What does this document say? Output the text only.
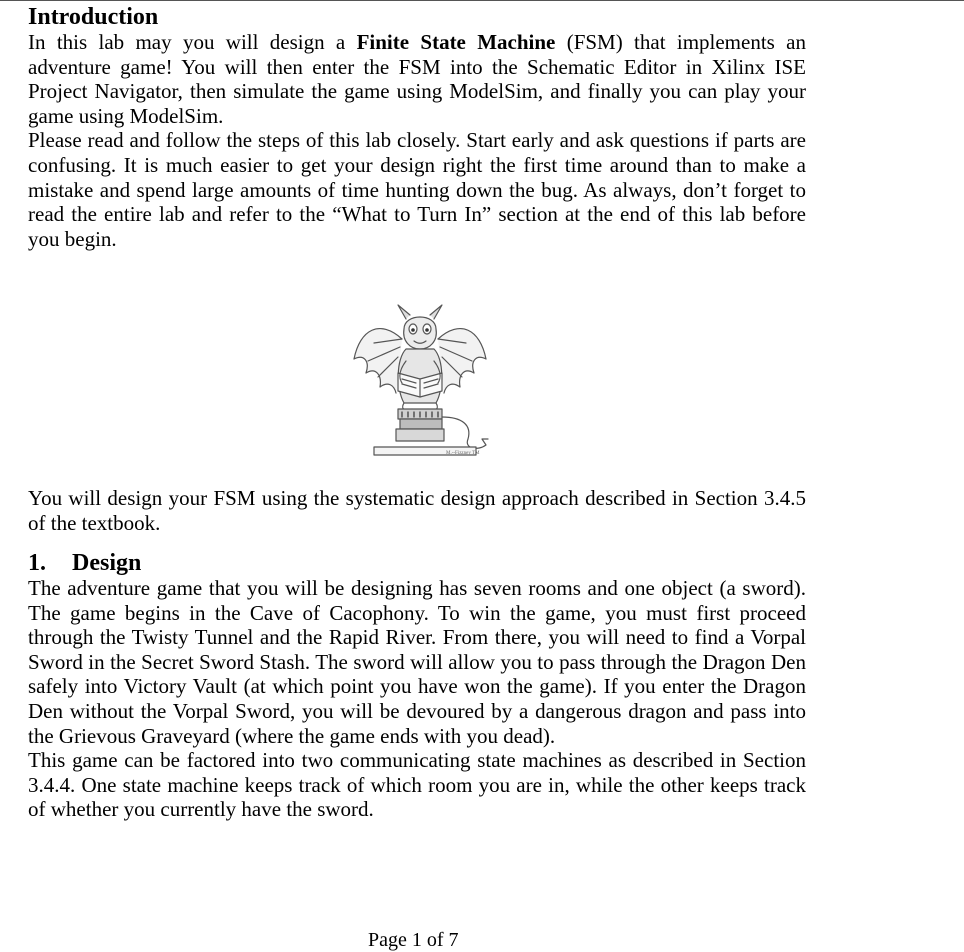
Introduction

In this lab may you will design a Finite State Machine (FSM) that implements an adventure game! You will then enter the FSM into the Schematic Editor in Xilinx ISE Project Navigator, then simulate the game using ModelSim, and finally you can play your game using ModelSim.

Please read and follow the steps of this lab closely. Start early and ask questions if parts are confusing. It is much easier to get your design right the first time around than to make a mistake and spend large amounts of time hunting down the bug. As always, don’t forget to read the entire lab and refer to the “What to Turn In” section at the end of this lab before you begin.

M.--Fizzney TM

You will design your FSM using the systematic design approach described in Section 3.4.5 of the textbook.

1. Design

The adventure game that you will be designing has seven rooms and one object (a sword). The game begins in the Cave of Cacophony. To win the game, you must first proceed through the Twisty Tunnel and the Rapid River. From there, you will need to find a Vorpal Sword in the Secret Sword Stash. The sword will allow you to pass through the Dragon Den safely into Victory Vault (at which point you have won the game). If you enter the Dragon Den without the Vorpal Sword, you will be devoured by a dangerous dragon and pass into the Grievous Graveyard (where the game ends with you dead).

This game can be factored into two communicating state machines as described in Section 3.4.4. One state machine keeps track of which room you are in, while the other keeps track of whether you currently have the sword.

Page 1 of 7
